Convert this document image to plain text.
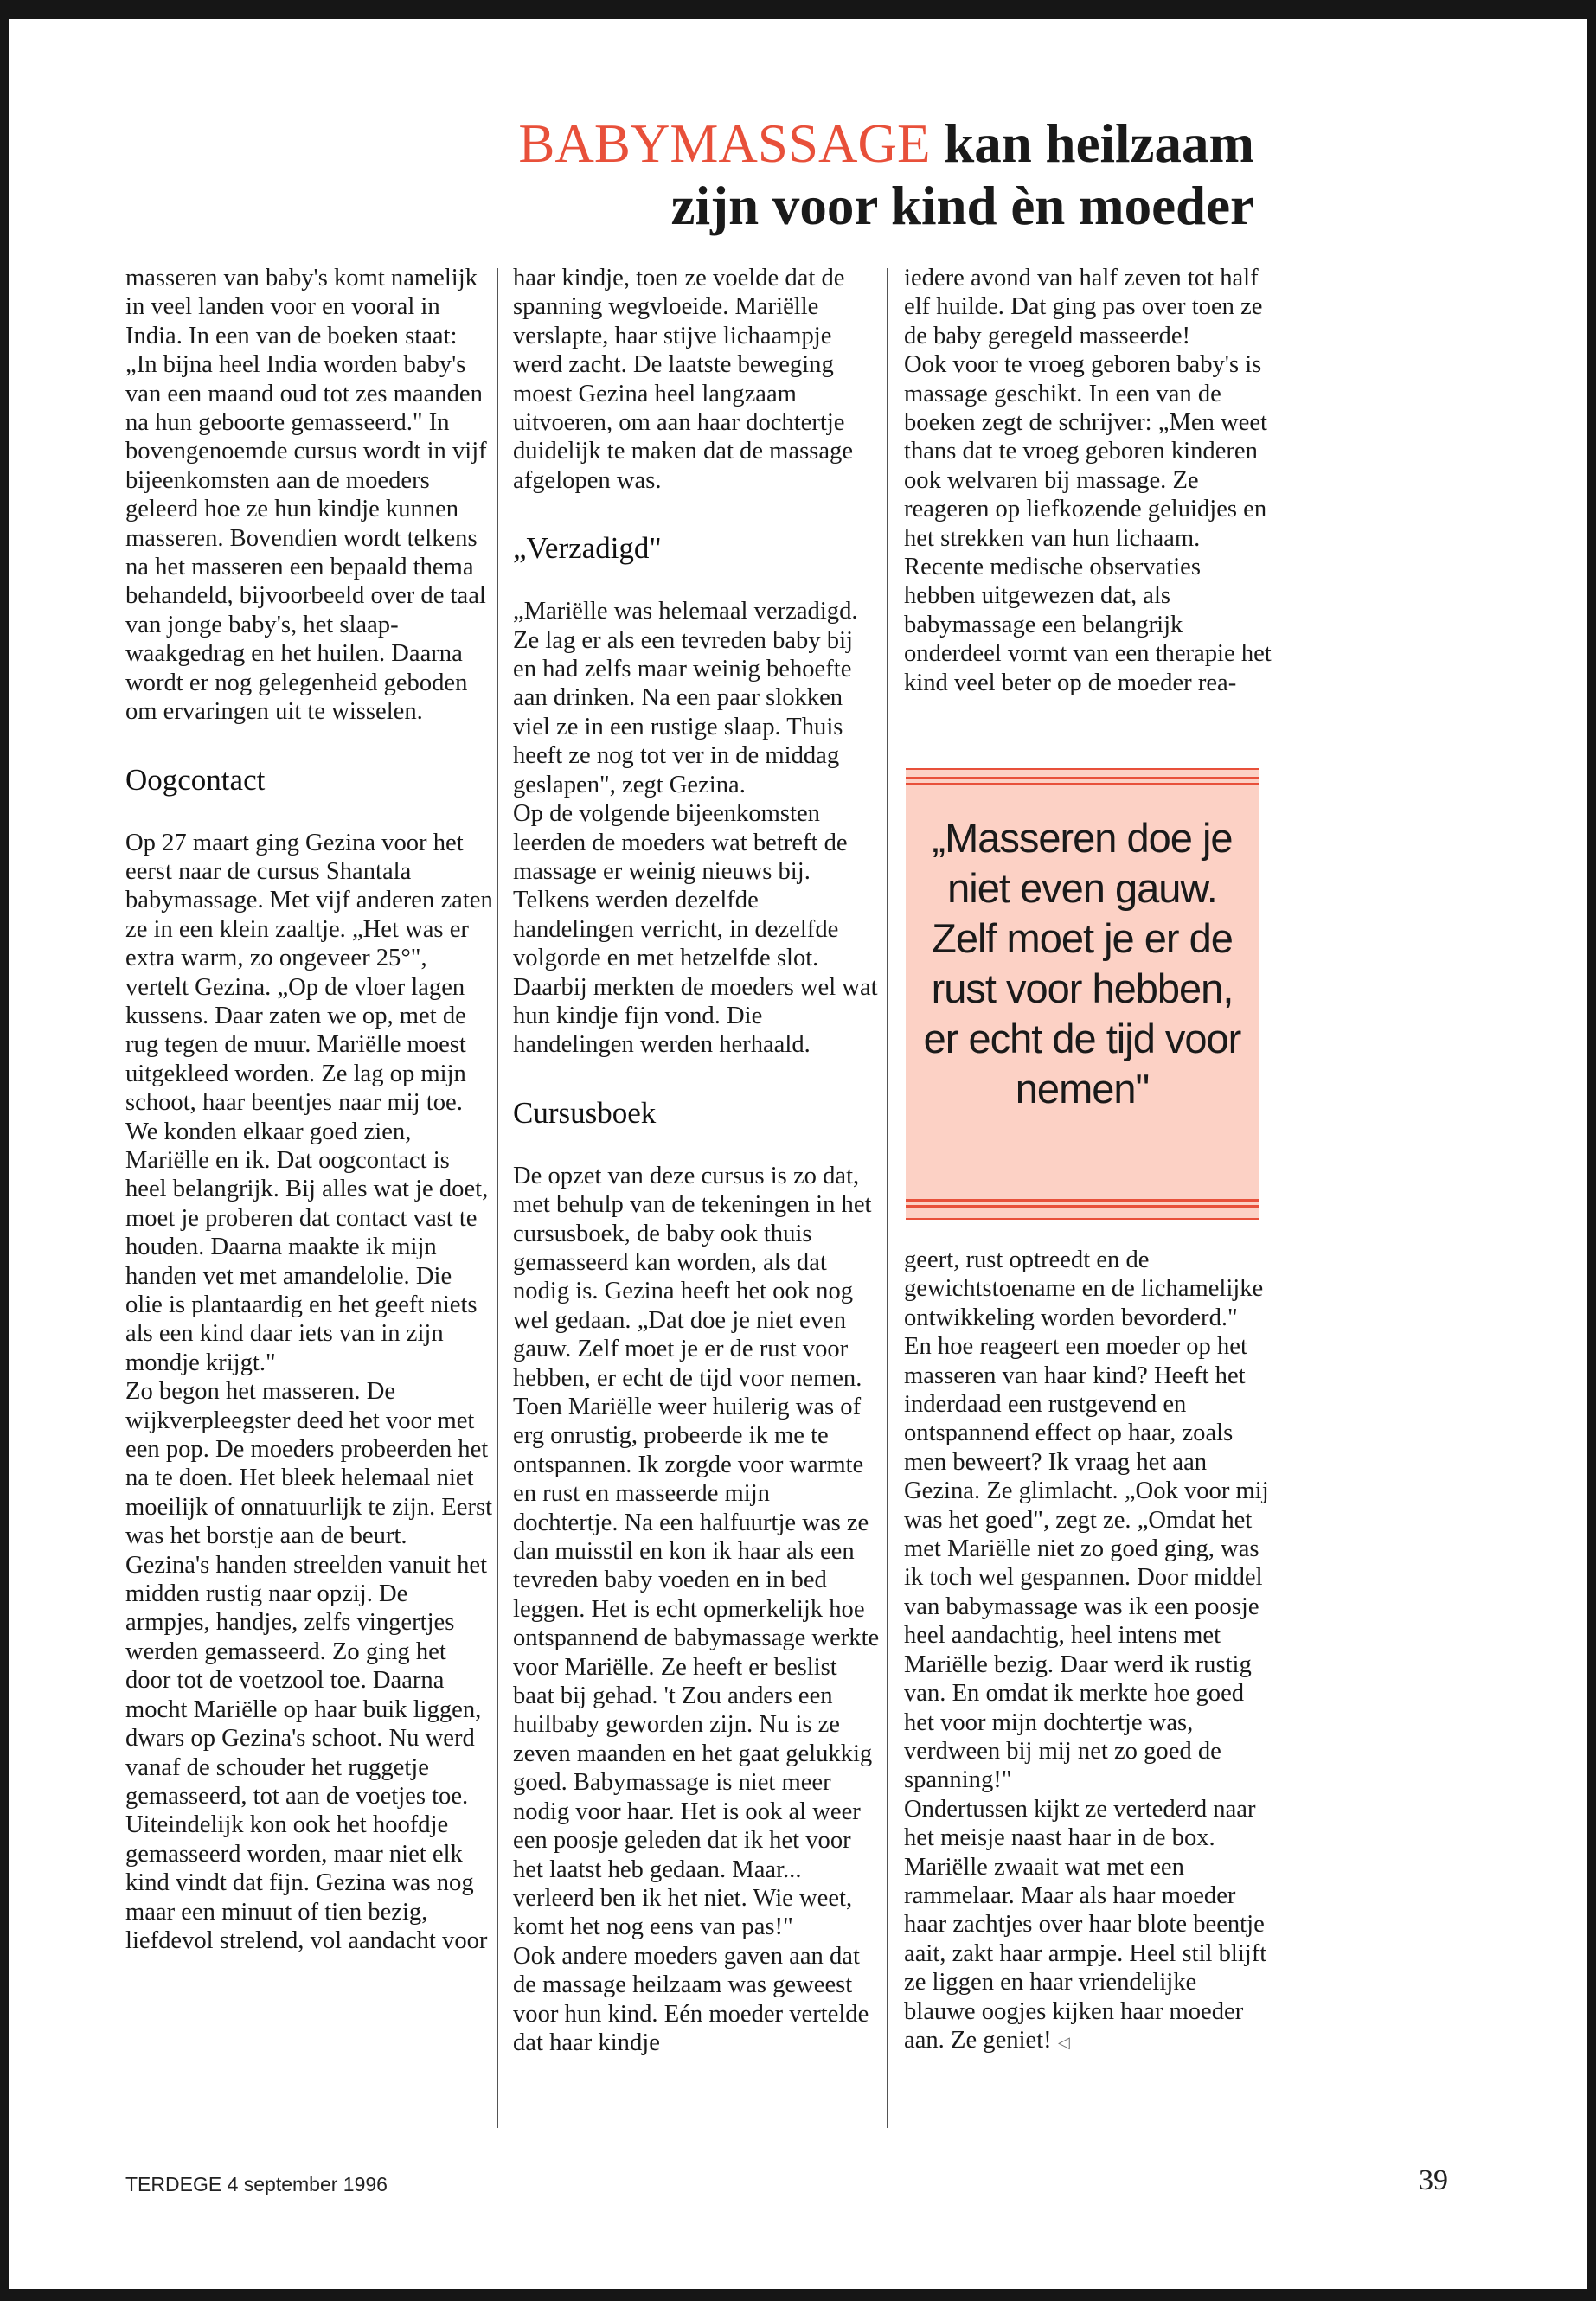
BABYMASSAGE kan heilzaam
zijn voor kind èn moeder

masseren van baby's komt namelijk in veel landen voor en vooral in India. In een van de boeken staat: „In bijna heel India worden baby's van een maand oud tot zes maanden na hun geboorte gemasseerd." In bovengenoemde cursus wordt in vijf bijeenkomsten aan de moeders geleerd hoe ze hun kindje kunnen masseren. Bovendien wordt telkens na het masseren een bepaald thema behandeld, bijvoorbeeld over de taal van jonge baby's, het slaap-waakgedrag en het huilen. Daarna wordt er nog gelegenheid geboden om ervaringen uit te wisselen.

Oogcontact

Op 27 maart ging Gezina voor het eerst naar de cursus Shantala babymassage. Met vijf anderen zaten ze in een klein zaaltje. „Het was er extra warm, zo ongeveer 25°", vertelt Gezina. „Op de vloer lagen kussens. Daar zaten we op, met de rug tegen de muur. Mariëlle moest uitgekleed worden. Ze lag op mijn schoot, haar beentjes naar mij toe. We konden elkaar goed zien, Mariëlle en ik. Dat oogcontact is heel belangrijk. Bij alles wat je doet, moet je proberen dat contact vast te houden. Daarna maakte ik mijn handen vet met amandelolie. Die olie is plantaardig en het geeft niets als een kind daar iets van in zijn mondje krijgt."

Zo begon het masseren. De wijkverpleegster deed het voor met een pop. De moeders probeerden het na te doen. Het bleek helemaal niet moeilijk of onnatuurlijk te zijn. Eerst was het borstje aan de beurt. Gezina's handen streelden vanuit het midden rustig naar opzij. De armpjes, handjes, zelfs vingertjes werden gemasseerd. Zo ging het door tot de voetzool toe. Daarna mocht Mariëlle op haar buik liggen, dwars op Gezina's schoot. Nu werd vanaf de schouder het ruggetje gemasseerd, tot aan de voetjes toe. Uiteindelijk kon ook het hoofdje gemasseerd worden, maar niet elk kind vindt dat fijn. Gezina was nog maar een minuut of tien bezig, liefdevol strelend, vol aandacht voor

haar kindje, toen ze voelde dat de spanning wegvloeide. Mariëlle verslapte, haar stijve lichaampje werd zacht. De laatste beweging moest Gezina heel langzaam uitvoeren, om aan haar dochtertje duidelijk te maken dat de massage afgelopen was.

„Verzadigd"

„Mariëlle was helemaal verzadigd. Ze lag er als een tevreden baby bij en had zelfs maar weinig behoefte aan drinken. Na een paar slokken viel ze in een rustige slaap. Thuis heeft ze nog tot ver in de middag geslapen", zegt Gezina.

Op de volgende bijeenkomsten leerden de moeders wat betreft de massage er weinig nieuws bij. Telkens werden dezelfde handelingen verricht, in dezelfde volgorde en met hetzelfde slot. Daarbij merkten de moeders wel wat hun kindje fijn vond. Die handelingen werden herhaald.

Cursusboek

De opzet van deze cursus is zo dat, met behulp van de tekeningen in het cursusboek, de baby ook thuis gemasseerd kan worden, als dat nodig is. Gezina heeft het ook nog wel gedaan. „Dat doe je niet even gauw. Zelf moet je er de rust voor hebben, er echt de tijd voor nemen. Toen Mariëlle weer huilerig was of erg onrustig, probeerde ik me te ontspannen. Ik zorgde voor warmte en rust en masseerde mijn dochtertje. Na een halfuurtje was ze dan muisstil en kon ik haar als een tevreden baby voeden en in bed leggen. Het is echt opmerkelijk hoe ontspannend de babymassage werkte voor Mariëlle. Ze heeft er beslist baat bij gehad. 't Zou anders een huilbaby geworden zijn. Nu is ze zeven maanden en het gaat gelukkig goed. Babymassage is niet meer nodig voor haar. Het is ook al weer een poosje geleden dat ik het voor het laatst heb gedaan. Maar... verleerd ben ik het niet. Wie weet, komt het nog eens van pas!"

Ook andere moeders gaven aan dat de massage heilzaam was geweest voor hun kind. Eén moeder vertelde dat haar kindje

iedere avond van half zeven tot half elf huilde. Dat ging pas over toen ze de baby geregeld masseerde!

Ook voor te vroeg geboren baby's is massage geschikt. In een van de boeken zegt de schrijver: „Men weet thans dat te vroeg geboren kinderen ook welvaren bij massage. Ze reageren op liefkozende geluidjes en het strekken van hun lichaam. Recente medische observaties hebben uitgewezen dat, als babymassage een belangrijk onderdeel vormt van een therapie het kind veel beter op de moeder rea-

„Masseren doe je niet even gauw. Zelf moet je er de rust voor hebben, er echt de tijd voor nemen"

geert, rust optreedt en de gewichtstoename en de lichamelijke ontwikkeling worden bevorderd."

En hoe reageert een moeder op het masseren van haar kind? Heeft het inderdaad een rustgevend en ontspannend effect op haar, zoals men beweert? Ik vraag het aan Gezina. Ze glimlacht. „Ook voor mij was het goed", zegt ze. „Omdat het met Mariëlle niet zo goed ging, was ik toch wel gespannen. Door middel van babymassage was ik een poosje heel aandachtig, heel intens met Mariëlle bezig. Daar werd ik rustig van. En omdat ik merkte hoe goed het voor mijn dochtertje was, verdween bij mij net zo goed de spanning!"

Ondertussen kijkt ze vertederd naar het meisje naast haar in de box. Mariëlle zwaait wat met een rammelaar. Maar als haar moeder haar zachtjes over haar blote beentje aait, zakt haar armpje. Heel stil blijft ze liggen en haar vriendelijke blauwe oogjes kijken haar moeder aan. Ze geniet! ◁

TERDEGE 4 september 1996	39
